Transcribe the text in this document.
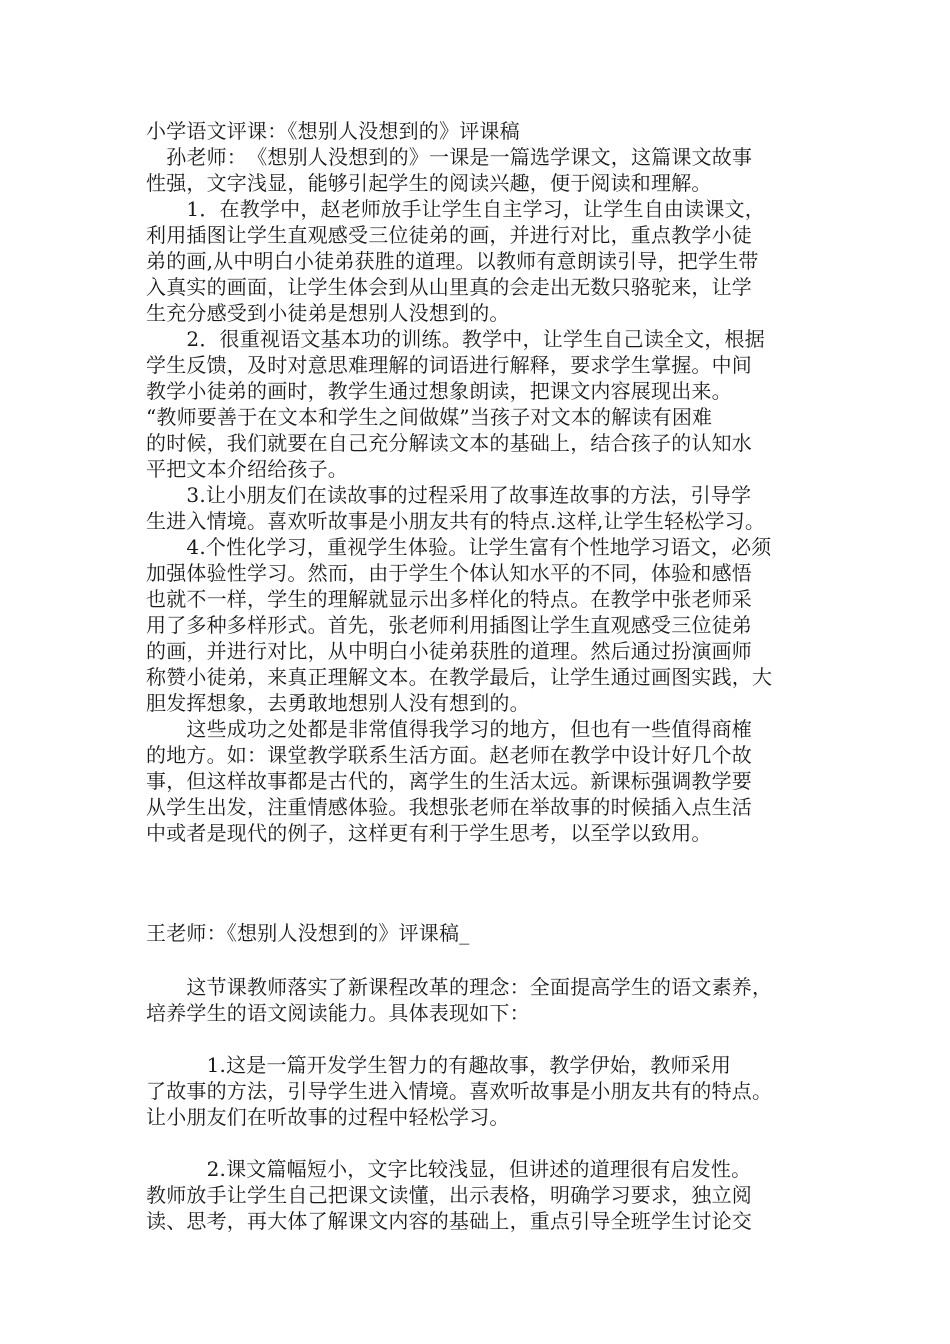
小学语文评课：《想别人没想到的》评课稿
　孙老师：　《想别人没想到的》一课是一篇选学课文，这篇课文故事
性强，文字浅显，能够引起学生的阅读兴趣，便于阅读和理解。
　　1．在教学中，赵老师放手让学生自主学习，让学生自由读课文，
利用插图让学生直观感受三位徒弟的画，并进行对比，重点教学小徒
弟的画,从中明白小徒弟获胜的道理。以教师有意朗读引导，把学生带
入真实的画面，让学生体会到从山里真的会走出无数只骆驼来，让学
生充分感受到小徒弟是想别人没想到的。
　　2．很重视语文基本功的训练。教学中，让学生自己读全文，根据
学生反馈，及时对意思难理解的词语进行解释，要求学生掌握。中间
教学小徒弟的画时，教学生通过想象朗读，把课文内容展现出来。
“教师要善于在文本和学生之间做媒”当孩子对文本的解读有困难
的时候，我们就要在自己充分解读文本的基础上，结合孩子的认知水
平把文本介绍给孩子。
　　3.让小朋友们在读故事的过程采用了故事连故事的方法，引导学
生进入情境。喜欢听故事是小朋友共有的特点.这样,让学生轻松学习。
　　4.个性化学习，重视学生体验。让学生富有个性地学习语文，必须
加强体验性学习。然而，由于学生个体认知水平的不同，体验和感悟
也就不一样，学生的理解就显示出多样化的特点。在教学中张老师采
用了多种多样形式。首先，张老师利用插图让学生直观感受三位徒弟
的画，并进行对比，从中明白小徒弟获胜的道理。然后通过扮演画师
称赞小徒弟，来真正理解文本。在教学最后，让学生通过画图实践，大
胆发挥想象，去勇敢地想别人没有想到的。
　　这些成功之处都是非常值得我学习的地方，但也有一些值得商榷
的地方。如：课堂教学联系生活方面。赵老师在教学中设计好几个故
事，但这样故事都是古代的，离学生的生活太远。新课标强调教学要
从学生出发，注重情感体验。我想张老师在举故事的时候插入点生活
中或者是现代的例子，这样更有利于学生思考，以至学以致用。
王老师：《想别人没想到的》评课稿_
　　这节课教师落实了新课程改革的理念：全面提高学生的语文素养，
培养学生的语文阅读能力。具体表现如下：
　　　1.这是一篇开发学生智力的有趣故事，教学伊始，教师采用
了故事的方法，引导学生进入情境。喜欢听故事是小朋友共有的特点。
让小朋友们在听故事的过程中轻松学习。
　　　2.课文篇幅短小，文字比较浅显，但讲述的道理很有启发性。
教师放手让学生自己把课文读懂，出示表格，明确学习要求，独立阅
读、思考，再大体了解课文内容的基础上，重点引导全班学生讨论交
